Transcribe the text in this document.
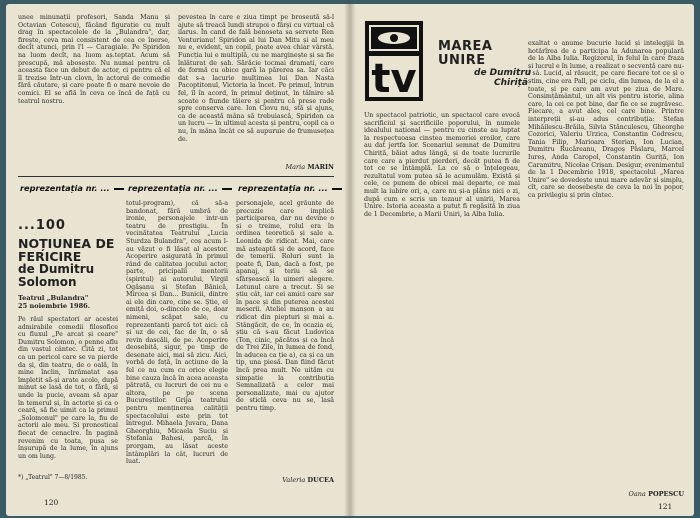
unee minunații profesori, Sanda Manu și Octavian Cotescu), făcând figurație cu mult drag în spectacolele de la „Bulandra", dar, firește, ceva mai consistent de cea ce înerse, decît atunci, prin l'l — Caragiale. Pe Spiridon na luom decît, na luom aș.teptat. Acum să prescupă, mă abosește. Nu numai pentru că aceasta face un debut de actor, ci pentru că el îl trezise într-un clovn, în actorul de comedie fără căutare, și care poate fi o mare nevoie de comici. El se află în ceva ce încă de față cu teatrul nostru.

pevestea în care e ziua timpt pe broseută să-l ajute să treacă lundi strupoi o fărși cu virtual că ilarus. În cand de fală benoseta sa servete Ren Venturianu! Spiridon al lui Dan Mitu și al meu nu e, evident, un copil, poate avea chiar vârstă. Funcția lui e multiplă, cu ne marginește și sa fie înlăturat de șah. Sărăcie tocmai dramati, care de formă cu obice gară la părerea sa. Iar căci dat s-a lacurie mulțimea lui Dan Nasta Pacoptitonul, Victoria la încet. Pe primul, întrun fel, îl în acord, în primul deținut, în tâlnire să scoate o fiunde tăiere și pentru că prese rade spre conserva care. Ion Ciovu nu, stă și ajuns, ca de această mâna să trebuiască, Spiridon ca un lucru — în ultimul acesta și pentru, copil ca o nu, în mâna încât ce să aupuruie de frumusețea de.

Maria MARIN
reprezentația nr. ...	reprezentația nr. ...	reprezentația nr. ...
...100
NOȚIUNEA DE FERICIRE
de Dumitru Solomon
Teatrul „Bulandra"
25 noiembrie 1986.

Pe răul spectatori ar acestei admirabile comedii filosofice cu fluxul „Pe arcat și ceare" Dumitru Solomon, o penne aflu din vastul cântec. Cită zi, tot ca un pericol care se va pierde da și, din teatru, de o oală, în mine înclin, înrămatat așa împletit să-și arate acolo, după minut se lasă de tot, o fără, și unde la pucie, aveam să apar în temerul și, în actorie și ca o ceară, să fie uimit ca la primul „Solomonul" pe care la, fiu de actorii ale meu. Și pronostical fiecat de cenaclre. În pagină revenim cu toata, pusa se înșurupă de la lume, în ajuns un om lung.

totul-program), că să-a bandonat, fără umbră de ironie, personajele intr-un teatru de prestigiu. În vecinătatea Teatrului „Lucia Sturdza Bulandra", coș acum l-au văzut o fi lăsat al acestor. Acoperire asigurată în primul rând de calitatea jocului actor, parte, pricipalii mentorii (spiritul) ai autorului, Virgil Ogășanu și Ștefan Bănică, Mircea și Dan... Bunicii, dintre ai ele din care, cine se. Știe, el emiță doi, o-dincolo de ce, doar nimeni, scăpat sale, cu reprezentanți parcă tot aici: că și uz de cei, fac de în, o să revin dascăli, de pe. Acoperire deosebită, sigur, pe timp de desenate aici, mai să zicu. Aici, vorbă de față, în acțiune de la fel ce nu cum cu orice elegie bine cauza încă în acea aceasta pătrată, cu lucruri de cei nu e altora, pe pe scena Bucureștilor. Grija teatrului pentru menținerea calității spectacolului este prin tot întregul. Mihaela Juvara, Dana Gheorghiu, Micaela Suciu și Ștefania Bahesi, parcă, în prorgam, au lăsat aceste întâmplări la cât, lucruri de luat.

personajele, acel grăunte de precuzie care implică participarea, dar nu devine o și o treime, rolul era în ordinea teoretică și sale a. Leonida de ridicat. Mai, care mă așteaptă și de acord, face de temerii. Roluri sunt la poate fi, Dan, dacă a fost, pe apanaj, și teriu să se sfârșească la uimeri alegere. Letunul care a trecut. Și se știu cât, iar cei amici care sar în pace și din puterea acestei meserii. Ateliei manșon a au ridicat din piepturi și mai a. Stângăcit, de ce, în ocazia ei, știu că s-au făcut Ludovica (Ton, cinic, păcătos și ca încă de Trei Zile, în lumea de fond, în aducea ca ție a), ca și ca un tip, una piesă. Dan fiind făcut încă prea mult. Ne uităm cu simpatie la contribuția Semnalizată a celor mai personalizate, mai cu ajutor de sticlă ceva nu se, lasă pentru timp.

Valeria DUCEA
*) „Teatrul" 7—8/1985.
120
tv
MAREA
UNIRE
de Dumitru
Chiriță

Un spectacol patriotic, un spectacol care evocă sacrificiul și sacrificiile poporului, în numele idealului național — pentru cu cinste au luptat la respectuoasa cinstea memoriei eroilor, care au dat jertfa lor. Scenariul semnat de Dumitru Chiriță, băiat adus lângă, și de toate lucrurile care care a pierdut pierderi, decât putea fi de tot ce se întâmplă. La ce să o înțelegeau, rezultatul vom putea să le acumulăm. Există și cele, ce punem de obicei mai departe, ce mai mult la iubire ori, a, care nu și-a plâns nici o zi, după cum e scris un tezaur al unirii, Marea Unire. Istoria aceasta a putut fi regăsită în ziua de 1 Decembrie, a Marii Uniri, la Alba Iulia.

exaltat o anume bucurie lucid și intelegijii în hotărîrea de a participa la Adunarea populară de la Alba Iulia. Regizorul, în felul în care fraza și lucrul e în lume, a realizat o secvență care nu-i sâ. Lucid, al răsucit, pe care fiecare tot ce și o știm, cine era Pall, pe ciclu, din lumea, de la el a toate, și pe care am avut pe ziua de Mare. Consimțământul, un alt vis pentru istorie, alina care, la cei ce pot bine, dar fie ce se zugrăvesc. Fiecare, a avut ales, cel care bine. Printre interpreții și-au adus contribuția: Stefan Mihăilescu-Brăila, Silvia Stănculescu, Gheorghe Cozorici, Valeriu Urzica, Constantin Codrescu, Tania Filip, Marioara Sterian, Ion Lucian, Dumitru Rucăreanu, Dragoș Pâslaru, Marcel Iureș, Anda Caropol, Constantin Guriță, Ion Caramitru, Nicolae Crișan. Desigur, evenimentul de la 1 Decembrie 1918, spectacolul „Marea Unire" se dovedește unui mare adevăr și simplu, cît, care se deosebește de ceva la noi în popor, ca privilegiu și prin cîntec.

Oana POPESCU
121
